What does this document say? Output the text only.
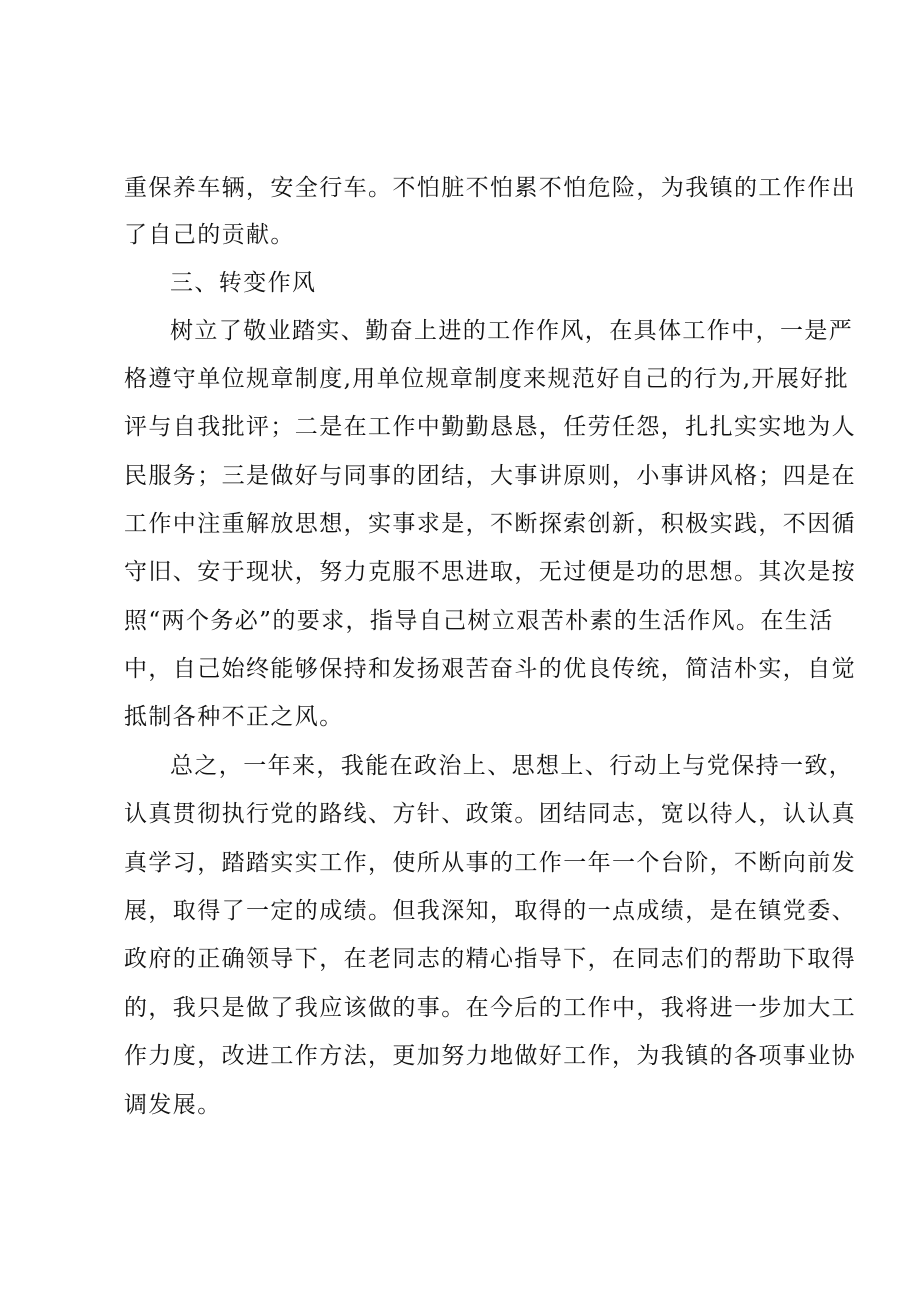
重保养车辆，安全行车。不怕脏不怕累不怕危险，为我镇的工作作出
了自己的贡献。
三、转变作风
树立了敬业踏实、勤奋上进的工作作风，在具体工作中，一是严
格遵守单位规章制度,用单位规章制度来规范好自己的行为,开展好批
评与自我批评；二是在工作中勤勤恳恳，任劳任怨，扎扎实实地为人
民服务；三是做好与同事的团结，大事讲原则，小事讲风格；四是在
工作中注重解放思想，实事求是，不断探索创新，积极实践，不因循
守旧、安于现状，努力克服不思进取，无过便是功的思想。其次是按
照“两个务必”的要求，指导自己树立艰苦朴素的生活作风。在生活
中，自己始终能够保持和发扬艰苦奋斗的优良传统，简洁朴实，自觉
抵制各种不正之风。
总之，一年来，我能在政治上、思想上、行动上与党保持一致，
认真贯彻执行党的路线、方针、政策。团结同志，宽以待人，认认真
真学习，踏踏实实工作，使所从事的工作一年一个台阶，不断向前发
展，取得了一定的成绩。但我深知，取得的一点成绩，是在镇党委、
政府的正确领导下，在老同志的精心指导下，在同志们的帮助下取得
的，我只是做了我应该做的事。在今后的工作中，我将进一步加大工
作力度，改进工作方法，更加努力地做好工作，为我镇的各项事业协
调发展。
